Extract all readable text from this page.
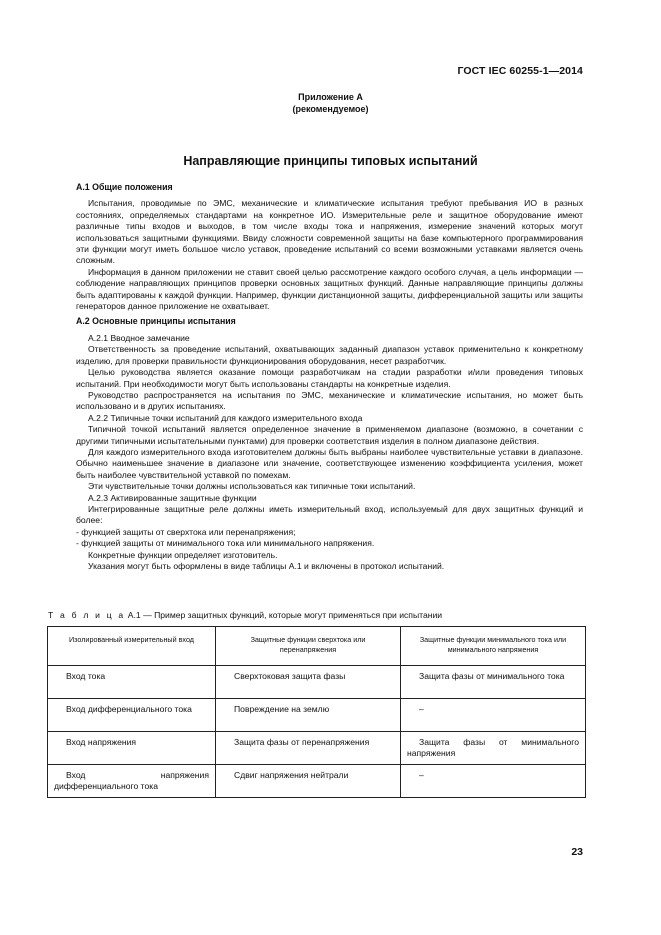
ГОСТ IEC 60255-1—2014
Приложение А
(рекомендуемое)
Направляющие принципы типовых испытаний
А.1 Общие положения

Испытания, проводимые по ЭМС, механические и климатические испытания требуют пребывания ИО в разных состояниях, определяемых стандартами на конкретное ИО. Измерительные реле и защитное оборудование имеют различные типы входов и выходов, в том числе входы тока и напряжения, измерение значений которых могут использоваться защитными функциями. Ввиду сложности современной защиты на базе компьютерного программирования эти функции могут иметь большое число уставок, проведение испытаний со всеми возможными уставками является очень сложным.

Информация в данном приложении не ставит своей целью рассмотрение каждого особого случая, а цель информации — соблюдение направляющих принципов проверки основных защитных функций. Данные направляющие принципы должны быть адаптированы к каждой функции. Например, функции дистанционной защиты, дифференциальной защиты или защиты генераторов данное приложение не охватывает.

А.2 Основные принципы испытания

А.2.1 Вводное замечание

Ответственность за проведение испытаний, охватывающих заданный диапазон уставок применительно к конкретному изделию, для проверки правильности функционирования оборудования, несет разработчик.

Целью руководства является оказание помощи разработчикам на стадии разработки и/или проведения типовых испытаний. При необходимости могут быть использованы стандарты на конкретные изделия.

Руководство распространяется на испытания по ЭМС, механические и климатические испытания, но может быть использовано и в других испытаниях.

А.2.2 Типичные точки испытаний для каждого измерительного входа

Типичной точкой испытаний является определенное значение в применяемом диапазоне (возможно, в сочетании с другими типичными испытательными пунктами) для проверки соответствия изделия в полном диапазоне действия.

Для каждого измерительного входа изготовителем должны быть выбраны наиболее чувствительные уставки в диапазоне. Обычно наименьшее значение в диапазоне или значение, соответствующее изменению коэффициента усиления, может быть наиболее чувствительной уставкой по помехам.

Эти чувствительные точки должны использоваться как типичные токи испытаний.

А.2.3 Активированные защитные функции

Интегрированные защитные реле должны иметь измерительный вход, используемый для двух защитных функций и более:

- функцией защиты от сверхтока или перенапряжения;

- функцией защиты от минимального тока или минимального напряжения.

Конкретные функции определяет изготовитель.

Указания могут быть оформлены в виде таблицы А.1 и включены в протокол испытаний.

Т а б л и ц а А.1 — Пример защитных функций, которые могут применяться при испытании
Изолированный измерительный вход	Защитные функции сверхтока или перенапряжения	Защитные функции минимального тока или минимального напряжения
Вход тока	Сверхтоковая защита фазы	Защита фазы от минимального тока
Вход дифференциального тока	Повреждение на землю	–
Вход напряжения	Защита фазы от перенапряжения	Защита фазы от минимального напряжения
Вход напряжения дифференциального тока	Сдвиг напряжения нейтрали	–
23
